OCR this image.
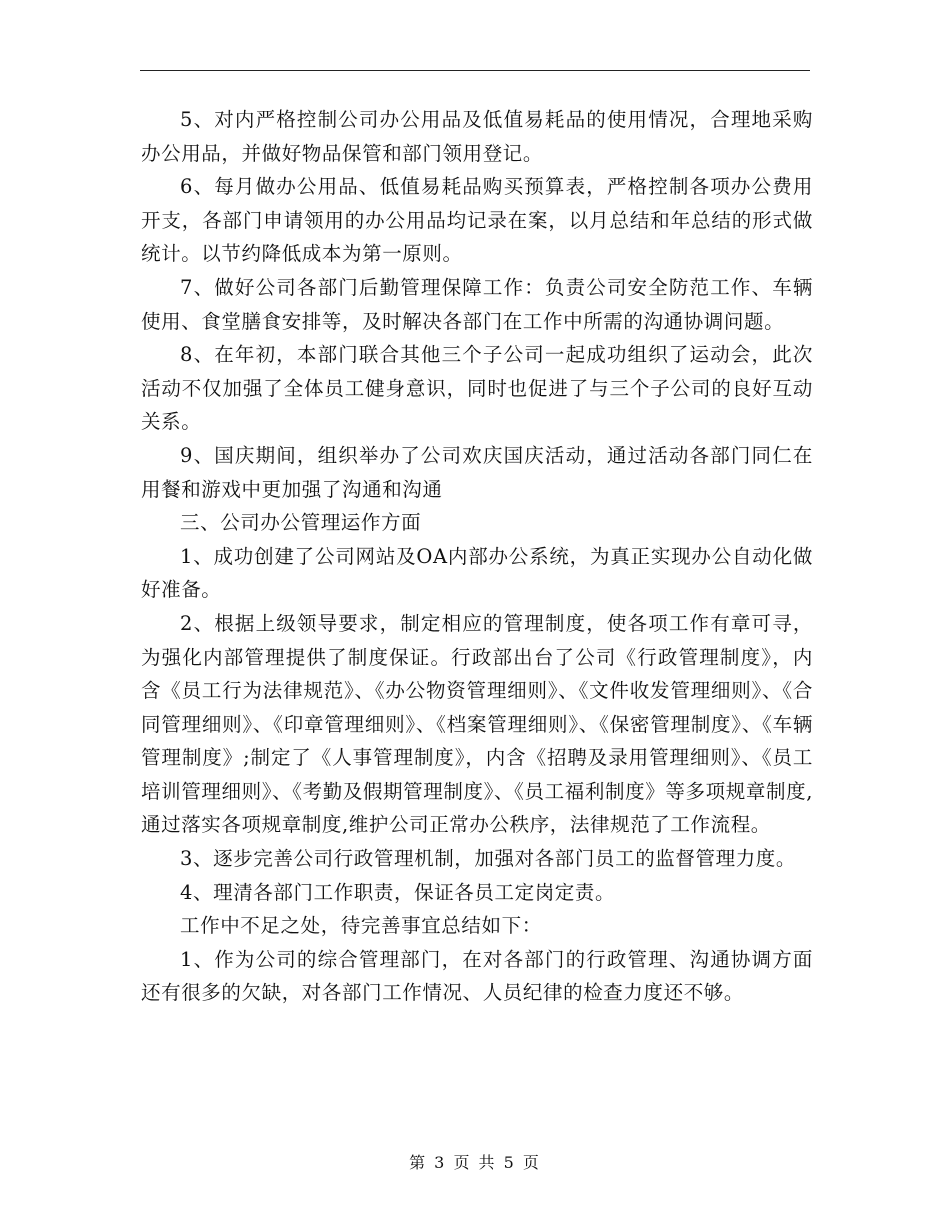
5、对内严格控制公司办公用品及低值易耗品的使用情况，合理地采购办公用品，并做好物品保管和部门领用登记。

6、每月做办公用品、低值易耗品购买预算表，严格控制各项办公费用开支，各部门申请领用的办公用品均记录在案，以月总结和年总结的形式做统计。以节约降低成本为第一原则。

7、做好公司各部门后勤管理保障工作：负责公司安全防范工作、车辆使用、食堂膳食安排等，及时解决各部门在工作中所需的沟通协调问题。

8、在年初，本部门联合其他三个子公司一起成功组织了运动会，此次活动不仅加强了全体员工健身意识，同时也促进了与三个子公司的良好互动关系。

9、国庆期间，组织举办了公司欢庆国庆活动，通过活动各部门同仁在用餐和游戏中更加强了沟通和沟通

三、公司办公管理运作方面

1、成功创建了公司网站及OA内部办公系统，为真正实现办公自动化做好准备。

2、根据上级领导要求，制定相应的管理制度，使各项工作有章可寻，为强化内部管理提供了制度保证。行政部出台了公司《行政管理制度》，内含《员工行为法律规范》、《办公物资管理细则》、《文件收发管理细则》、《合同管理细则》、《印章管理细则》、《档案管理细则》、《保密管理制度》、《车辆管理制度》;制定了《人事管理制度》，内含《招聘及录用管理细则》、《员工培训管理细则》、《考勤及假期管理制度》、《员工福利制度》等多项规章制度,通过落实各项规章制度,维护公司正常办公秩序，法律规范了工作流程。

3、逐步完善公司行政管理机制，加强对各部门员工的监督管理力度。

4、理清各部门工作职责，保证各员工定岗定责。

工作中不足之处，待完善事宜总结如下：

1、作为公司的综合管理部门，在对各部门的行政管理、沟通协调方面还有很多的欠缺，对各部门工作情况、人员纪律的检查力度还不够。

第 3 页 共 5 页
